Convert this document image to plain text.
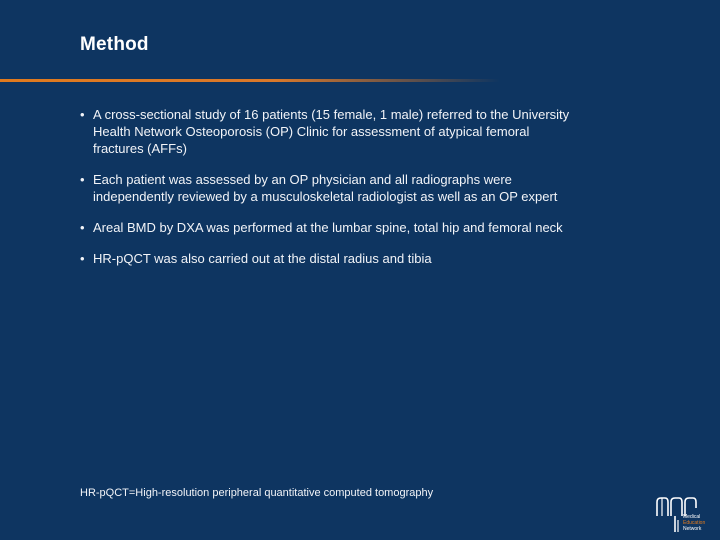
Method
• A cross-sectional study of 16 patients (15 female, 1 male) referred to the University Health Network Osteoporosis (OP) Clinic for assessment of atypical femoral fractures (AFFs)
• Each patient was assessed by an OP physician and all radiographs were independently reviewed by a musculoskeletal radiologist as well as an OP expert
• Areal BMD by DXA was performed at the lumbar spine, total hip and femoral neck
• HR-pQCT was also carried out at the distal radius and tibia
HR-pQCT=High-resolution peripheral quantitative computed tomography
Medical
Education
Network
